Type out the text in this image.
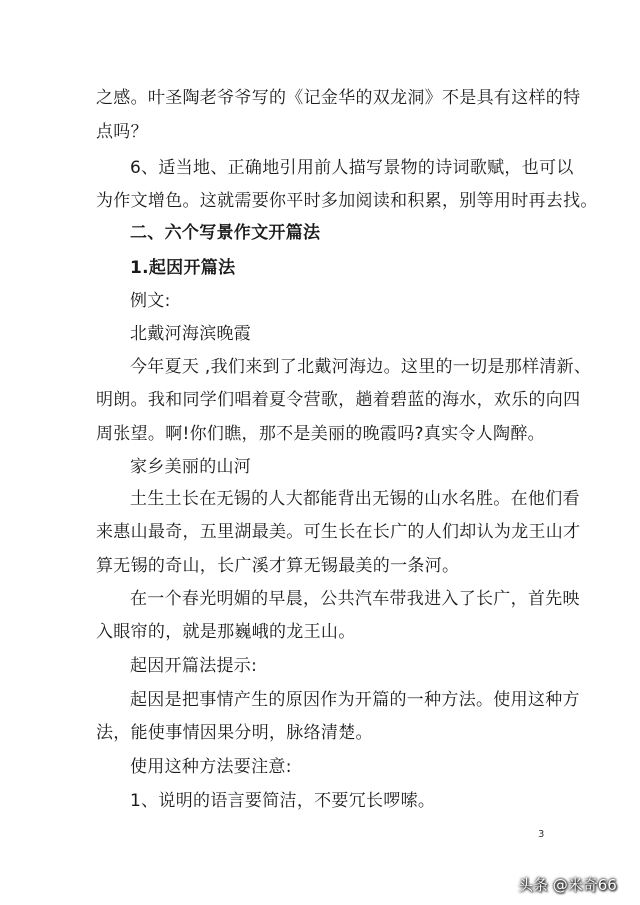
之感。叶圣陶老爷爷写的《记金华的双龙洞》不是具有这样的特
点吗？
6、适当地、正确地引用前人描写景物的诗词歌赋，也可以
为作文增色。这就需要你平时多加阅读和积累，别等用时再去找。
二、六个写景作文开篇法
1.起因开篇法
例文:
北戴河海滨晚霞
今年夏天 ,我们来到了北戴河海边。这里的一切是那样清新、
明朗。我和同学们唱着夏令营歌，趟着碧蓝的海水，欢乐的向四
周张望。啊!你们瞧，那不是美丽的晚霞吗?真实令人陶醉。
家乡美丽的山河
土生土长在无锡的人大都能背出无锡的山水名胜。在他们看
来惠山最奇，五里湖最美。可生长在长广的人们却认为龙王山才
算无锡的奇山，长广溪才算无锡最美的一条河。
在一个春光明媚的早晨，公共汽车带我进入了长广，首先映
入眼帘的，就是那巍峨的龙王山。
起因开篇法提示:
起因是把事情产生的原因作为开篇的一种方法。使用这种方
法，能使事情因果分明，脉络清楚。
使用这种方法要注意:
1、说明的语言要简洁，不要冗长啰嗦。
3
头条 @米奇66
